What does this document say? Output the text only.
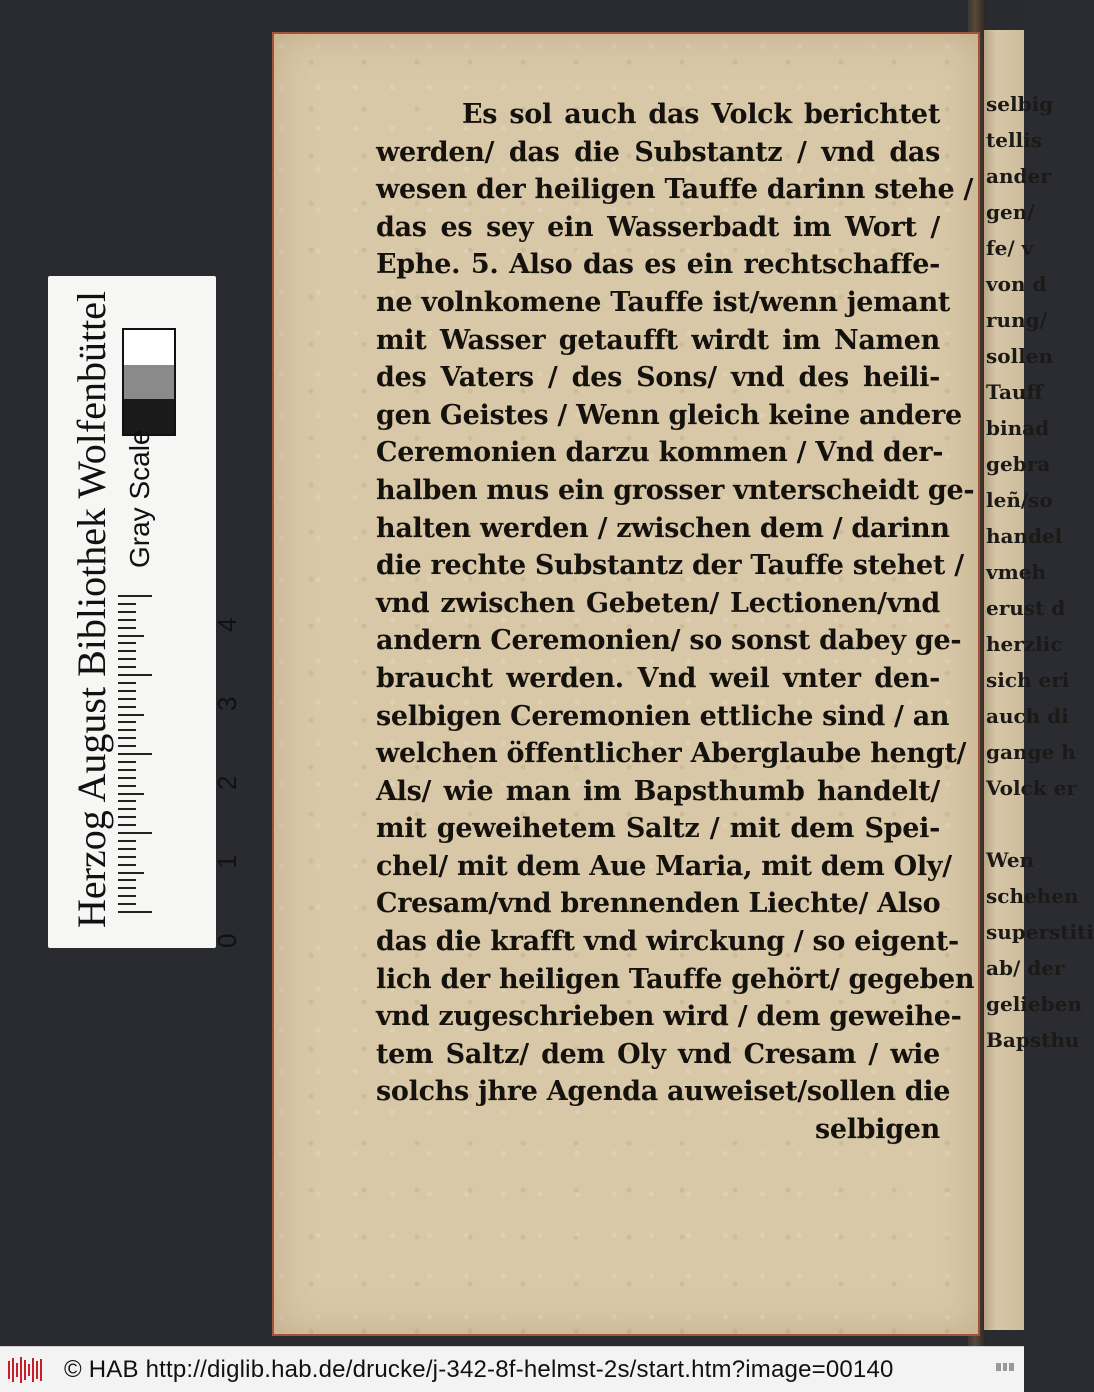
selbig
tellis
ander
gen/
fe/ v
von d
rung/
sollen
Tauff
binad
gebra
leñ/so
handel
vmeh
erust d
herzlic
sich eri
auch di
gange h
Volck er
Wen
schehen
superstiti
ab/ der
gelieben
Bapsthu
Es sol auch das Volck berichtet
werden/ das die Substantz / vnd das
wesen der heiligen Tauffe darinn stehe /
das es sey ein Wasserbadt im Wort /
Ephe. 5. Also das es ein rechtschaffe-
ne volnkomene Tauffe ist/wenn jemant
mit Wasser getaufft wirdt im Namen
des Vaters / des Sons/ vnd des heili-
gen Geistes / Wenn gleich keine andere
Ceremonien darzu kommen / Vnd der-
halben mus ein grosser vnterscheidt ge-
halten werden / zwischen dem / darinn
die rechte Substantz der Tauffe stehet /
vnd zwischen Gebeten/ Lectionen/vnd
andern Ceremonien/ so sonst dabey ge-
braucht werden. Vnd weil vnter den-
selbigen Ceremonien ettliche sind / an
welchen öffentlicher Aberglaube hengt/
Als/ wie man im Bapsthumb handelt/
mit geweihetem Saltz / mit dem Spei-
chel/ mit dem Aue Maria, mit dem Oly/
Cresam/vnd brennenden Liechte/ Also
das die krafft vnd wirckung / so eigent-
lich der heiligen Tauffe gehört/ gegeben
vnd zugeschrieben wird / dem geweihe-
tem Saltz/ dem Oly vnd Cresam / wie
solchs jhre Agenda auweiset/sollen die
selbigen
Herzog August Bibliothek Wolfenbüttel Gray Scale
0
1
2
3
4
© HAB http://diglib.hab.de/drucke/j-342-8f-helmst-2s/start.htm?image=00140
